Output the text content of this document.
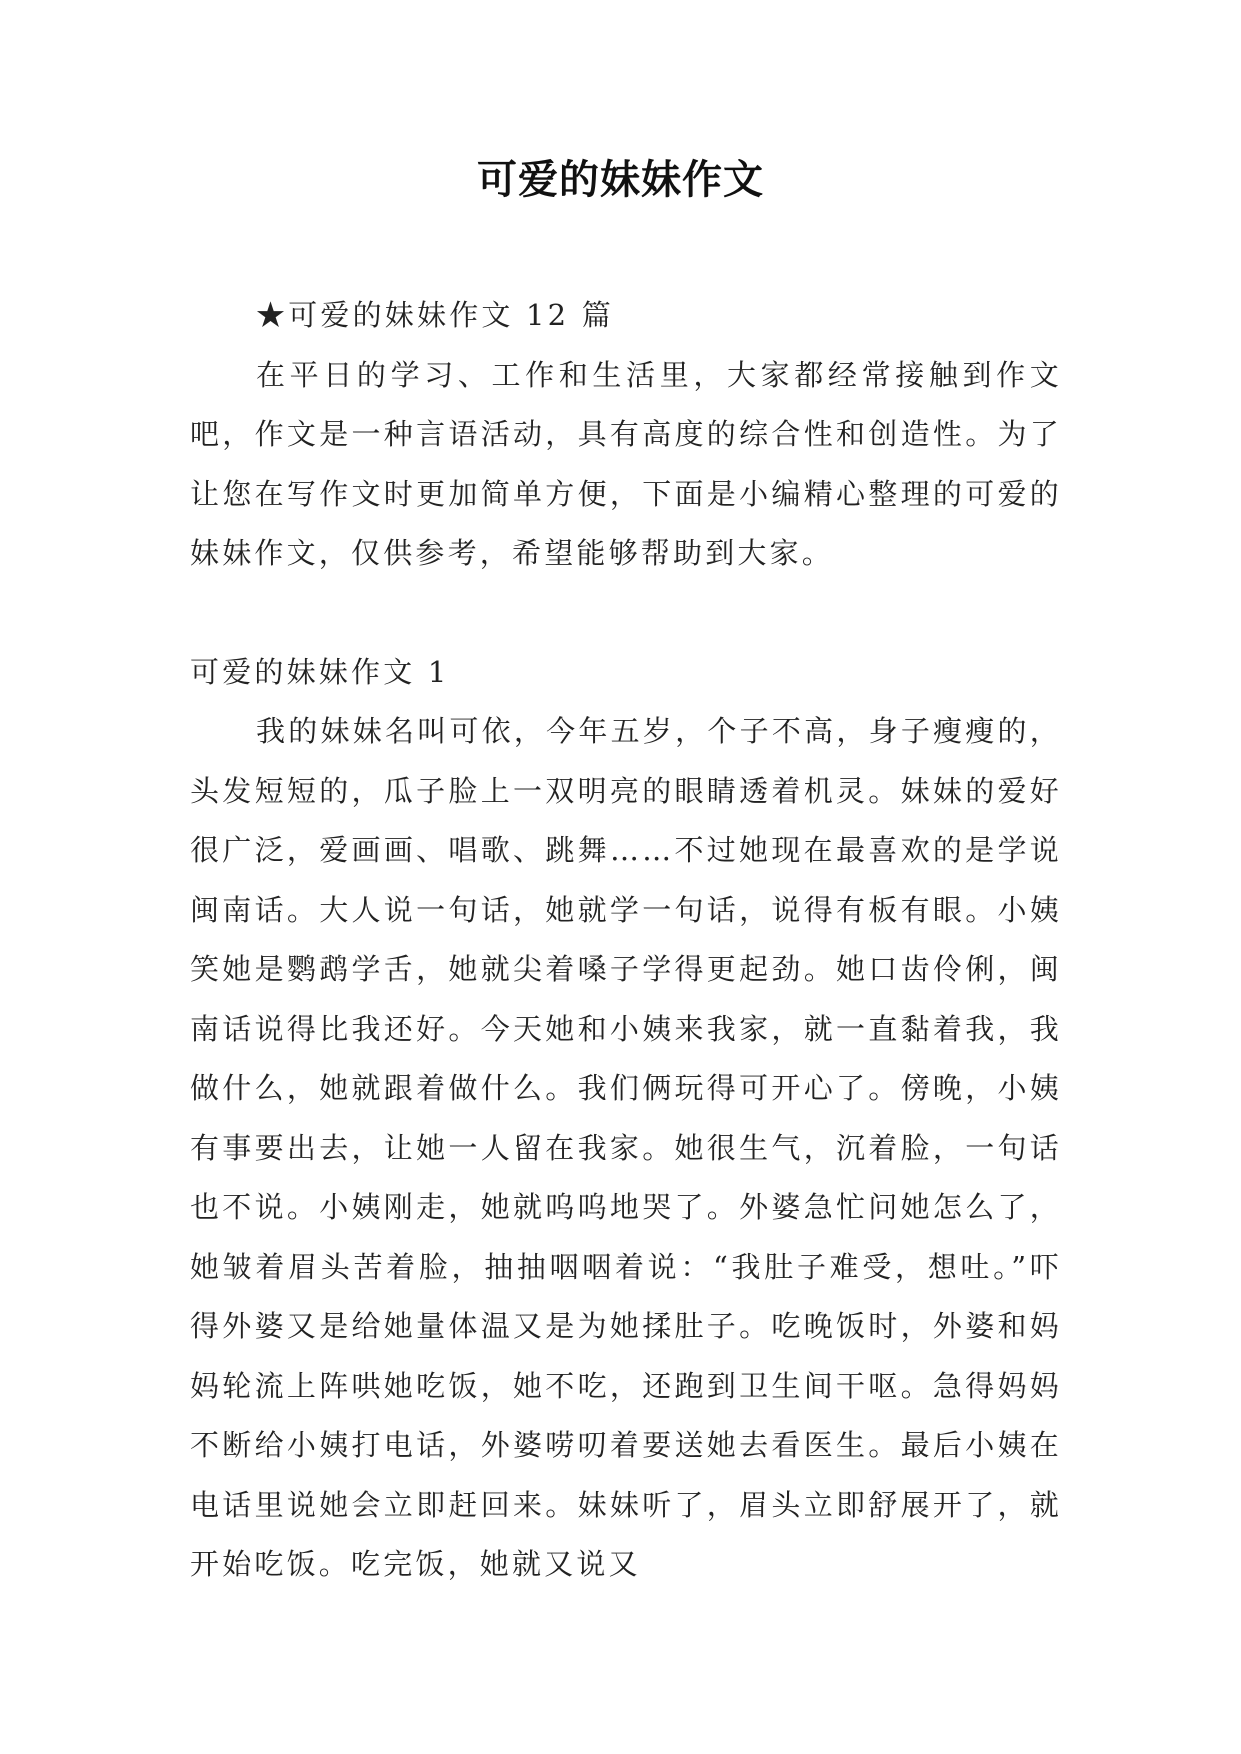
可爱的妹妹作文

★可爱的妹妹作文 12 篇

在平日的学习、工作和生活里，大家都经常接触到作文吧，作文是一种言语活动，具有高度的综合性和创造性。为了让您在写作文时更加简单方便，下面是小编精心整理的可爱的妹妹作文，仅供参考，希望能够帮助到大家。

可爱的妹妹作文 1

我的妹妹名叫可依，今年五岁，个子不高，身子瘦瘦的，头发短短的，瓜子脸上一双明亮的眼睛透着机灵。妹妹的爱好很广泛，爱画画、唱歌、跳舞……不过她现在最喜欢的是学说闽南话。大人说一句话，她就学一句话，说得有板有眼。小姨笑她是鹦鹉学舌，她就尖着嗓子学得更起劲。她口齿伶俐，闽南话说得比我还好。今天她和小姨来我家，就一直黏着我，我做什么，她就跟着做什么。我们俩玩得可开心了。傍晚，小姨有事要出去，让她一人留在我家。她很生气，沉着脸，一句话也不说。小姨刚走，她就呜呜地哭了。外婆急忙问她怎么了，她皱着眉头苦着脸，抽抽咽咽着说：“我肚子难受，想吐。”吓得外婆又是给她量体温又是为她揉肚子。吃晚饭时，外婆和妈妈轮流上阵哄她吃饭，她不吃，还跑到卫生间干呕。急得妈妈不断给小姨打电话，外婆唠叨着要送她去看医生。最后小姨在电话里说她会立即赶回来。妹妹听了，眉头立即舒展开了，就开始吃饭。吃完饭，她就又说又
